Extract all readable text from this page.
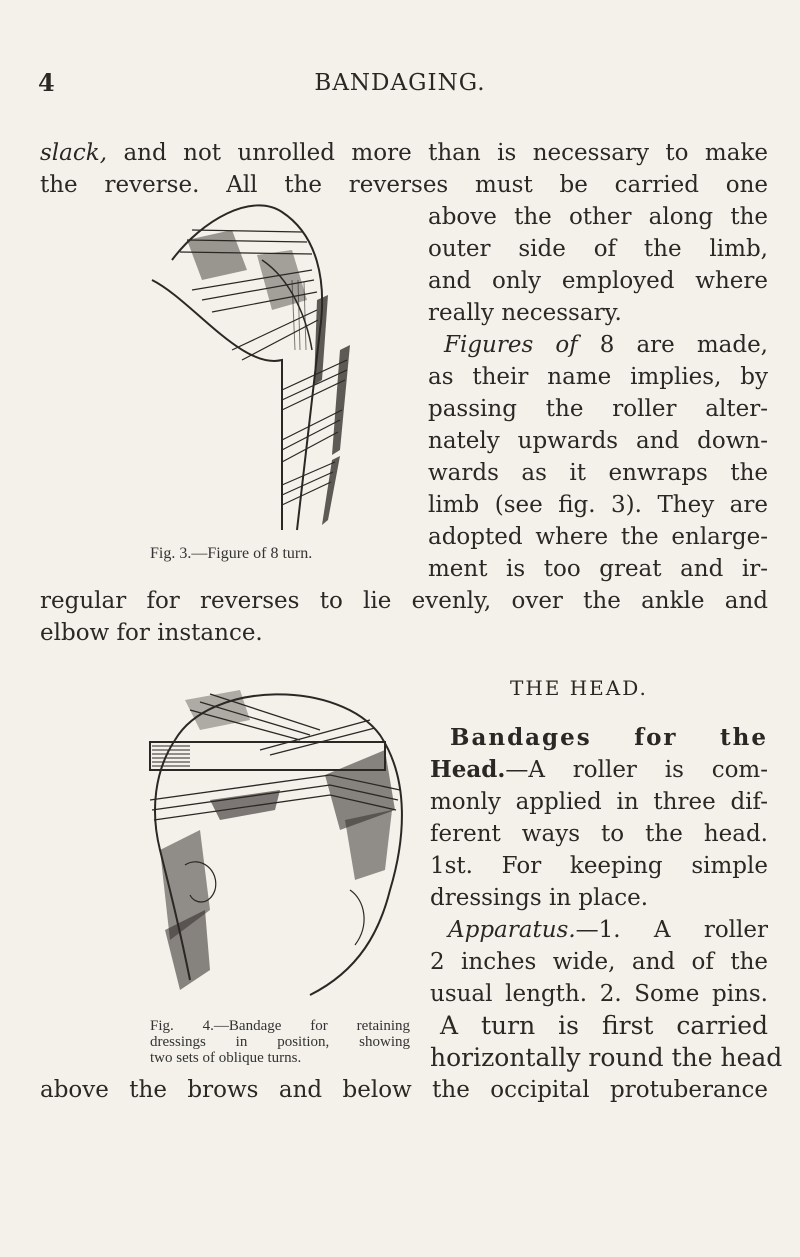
4	BANDAGING.
slack, and not unrolled more than is necessary to make
the reverse. All the reverses must be carried one
above the other along the
outer side of the limb,
and only employed where
really necessary.
Figures of 8 are made,
as their name implies, by
passing the roller alter-
nately upwards and down-
wards as it enwraps the
limb (see fig. 3). They are
adopted where the enlarge-
ment is too great and ir-
regular for reverses to lie evenly, over the ankle and
elbow for instance.
Fig. 3.—Figure of 8 turn.
THE HEAD.
Bandages for the
Head.—A roller is com-
monly applied in three dif-
ferent ways to the head.
1st. For keeping simple
dressings in place.
Apparatus.—1. A roller
2 inches wide, and of the
usual length. 2. Some pins.
A turn is first carried
horizontally round the head
above the brows and below the occipital protuberance
Fig. 4.—Bandage for retaining
dressings in position, showing
two sets of oblique turns.
